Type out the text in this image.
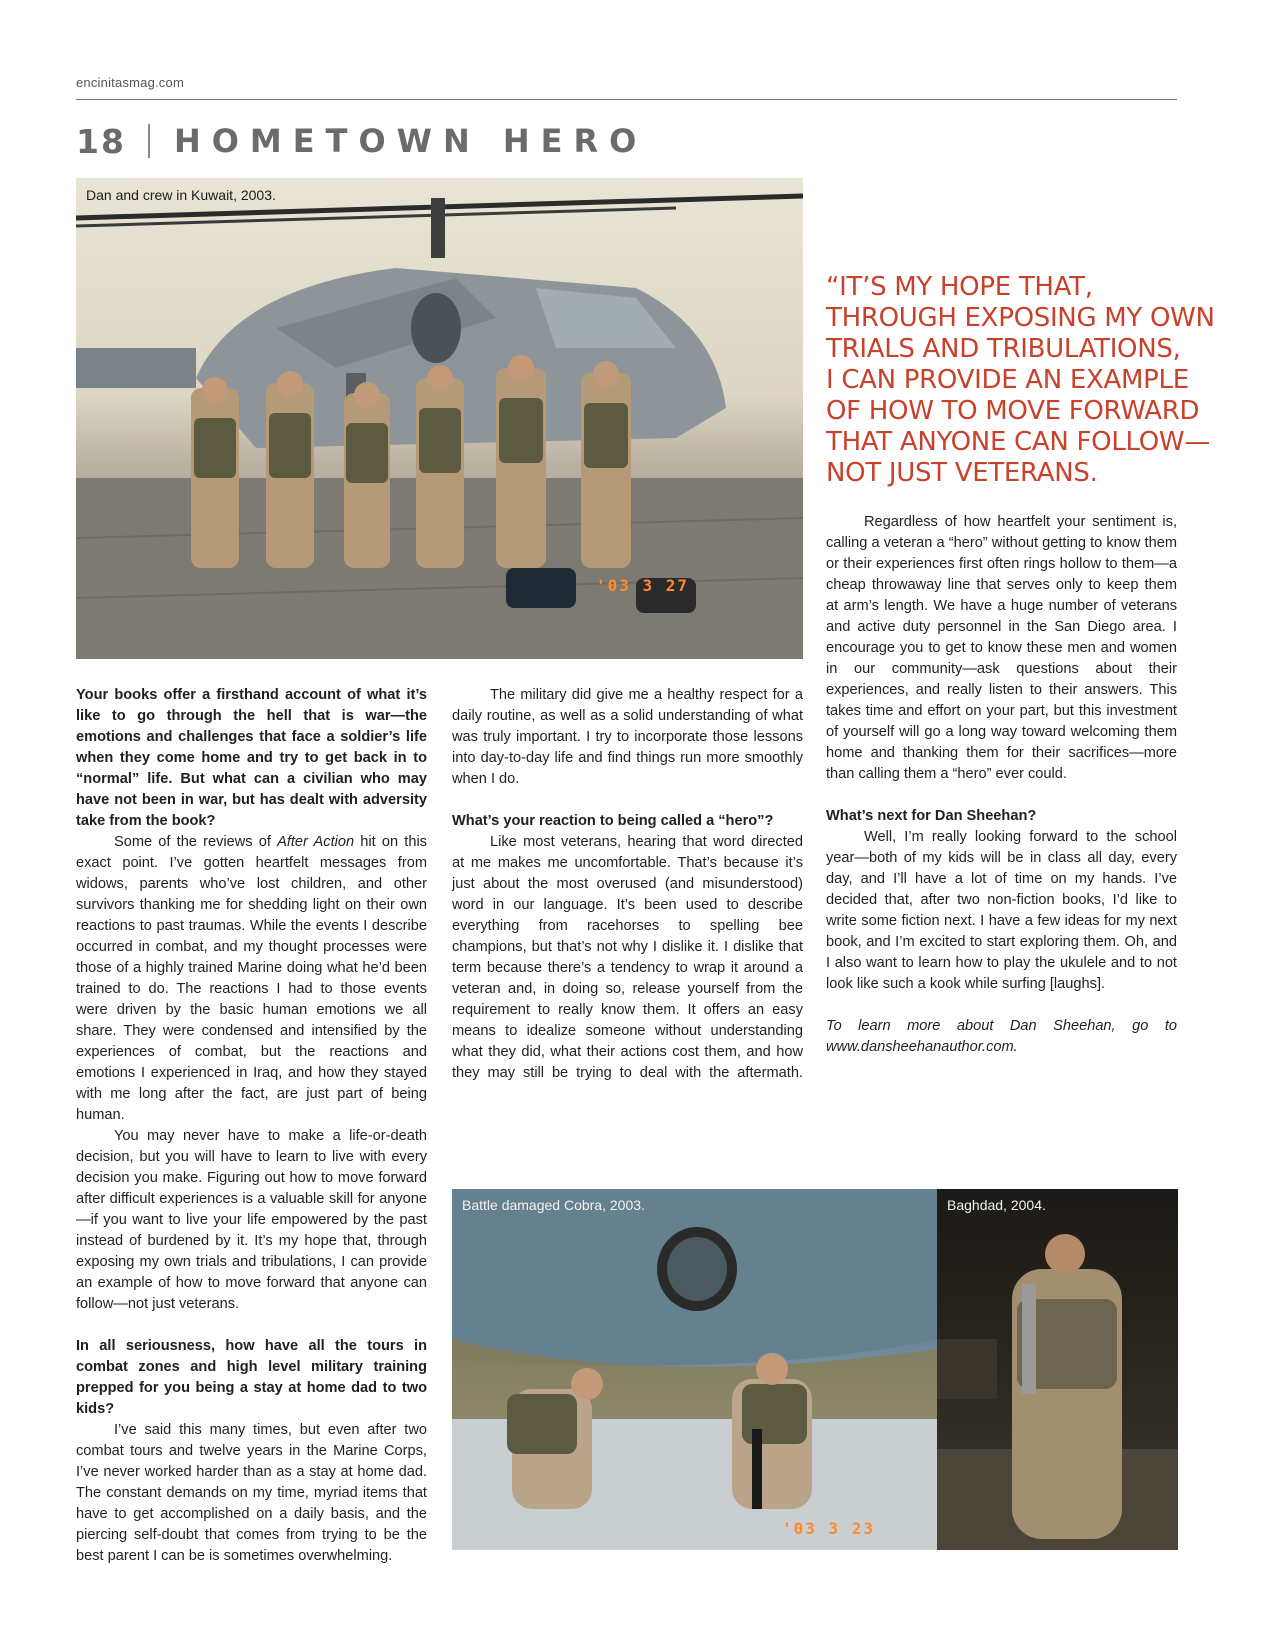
encinitasmag.com
18 HOMETOWN HERO
Dan and crew in Kuwait, 2003.
'03 3 27
“IT’S MY HOPE THAT,
THROUGH EXPOSING MY OWN
TRIALS AND TRIBULATIONS,
I CAN PROVIDE AN EXAMPLE
OF HOW TO MOVE FORWARD
THAT ANYONE CAN FOLLOW—
NOT JUST VETERANS.

Your books offer a firsthand account of what it’s like to go through the hell that is war—the emotions and challenges that face a soldier’s life when they come home and try to get back in to “normal” life. But what can a civilian who may have not been in war, but has dealt with adversity take from the book?

Some of the reviews of After Action hit on this exact point. I’ve gotten heartfelt messages from widows, parents who’ve lost children, and other survivors thanking me for shedding light on their own reactions to past traumas. While the events I describe occurred in combat, and my thought processes were those of a highly trained Marine doing what he’d been trained to do. The reactions I had to those events were driven by the basic human emotions we all share. They were condensed and intensified by the experiences of combat, but the reactions and emotions I experienced in Iraq, and how they stayed with me long after the fact, are just part of being human.

You may never have to make a life-or-death decision, but you will have to learn to live with every decision you make. Figuring out how to move forward after difficult experiences is a valuable skill for anyone—if you want to live your life empowered by the past instead of burdened by it. It’s my hope that, through exposing my own trials and tribulations, I can provide an example of how to move forward that anyone can follow—not just veterans.

In all seriousness, how have all the tours in combat zones and high level military training prepped for you being a stay at home dad to two kids?

I’ve said this many times, but even after two combat tours and twelve years in the Marine Corps, I’ve never worked harder than as a stay at home dad. The constant demands on my time, myriad items that have to get accomplished on a daily basis, and the piercing self-doubt that comes from trying to be the best parent I can be is sometimes overwhelming.

The military did give me a healthy respect for a daily routine, as well as a solid understanding of what was truly important. I try to incorporate those lessons into day-to-day life and find things run more smoothly when I do.

What’s your reaction to being called a “hero”?

Like most veterans, hearing that word directed at me makes me uncomfortable. That’s because it’s just about the most overused (and misunderstood) word in our language. It’s been used to describe everything from racehorses to spelling bee champions, but that’s not why I dislike it. I dislike that term because there’s a tendency to wrap it around a veteran and, in doing so, release yourself from the requirement to really know them. It offers an easy means to idealize someone without understanding what they did, what their actions cost them, and how they may still be trying to deal with the aftermath.

Regardless of how heartfelt your sentiment is, calling a veteran a “hero” without getting to know them or their experiences first often rings hollow to them—a cheap throwaway line that serves only to keep them at arm’s length. We have a huge number of veterans and active duty personnel in the San Diego area. I encourage you to get to know these men and women in our community—ask questions about their experiences, and really listen to their answers. This takes time and effort on your part, but this investment of yourself will go a long way toward welcoming them home and thanking them for their sacrifices—more than calling them a “hero” ever could.

What’s next for Dan Sheehan?

Well, I’m really looking forward to the school year—both of my kids will be in class all day, every day, and I’ll have a lot of time on my hands. I’ve decided that, after two non-fiction books, I’d like to write some fiction next. I have a few ideas for my next book, and I’m excited to start exploring them. Oh, and I also want to learn how to play the ukulele and to not look like such a kook while surfing [laughs].

To learn more about Dan Sheehan, go to www.dansheehanauthor.com.

Battle damaged Cobra, 2003.
'03 3 23
Baghdad, 2004.
